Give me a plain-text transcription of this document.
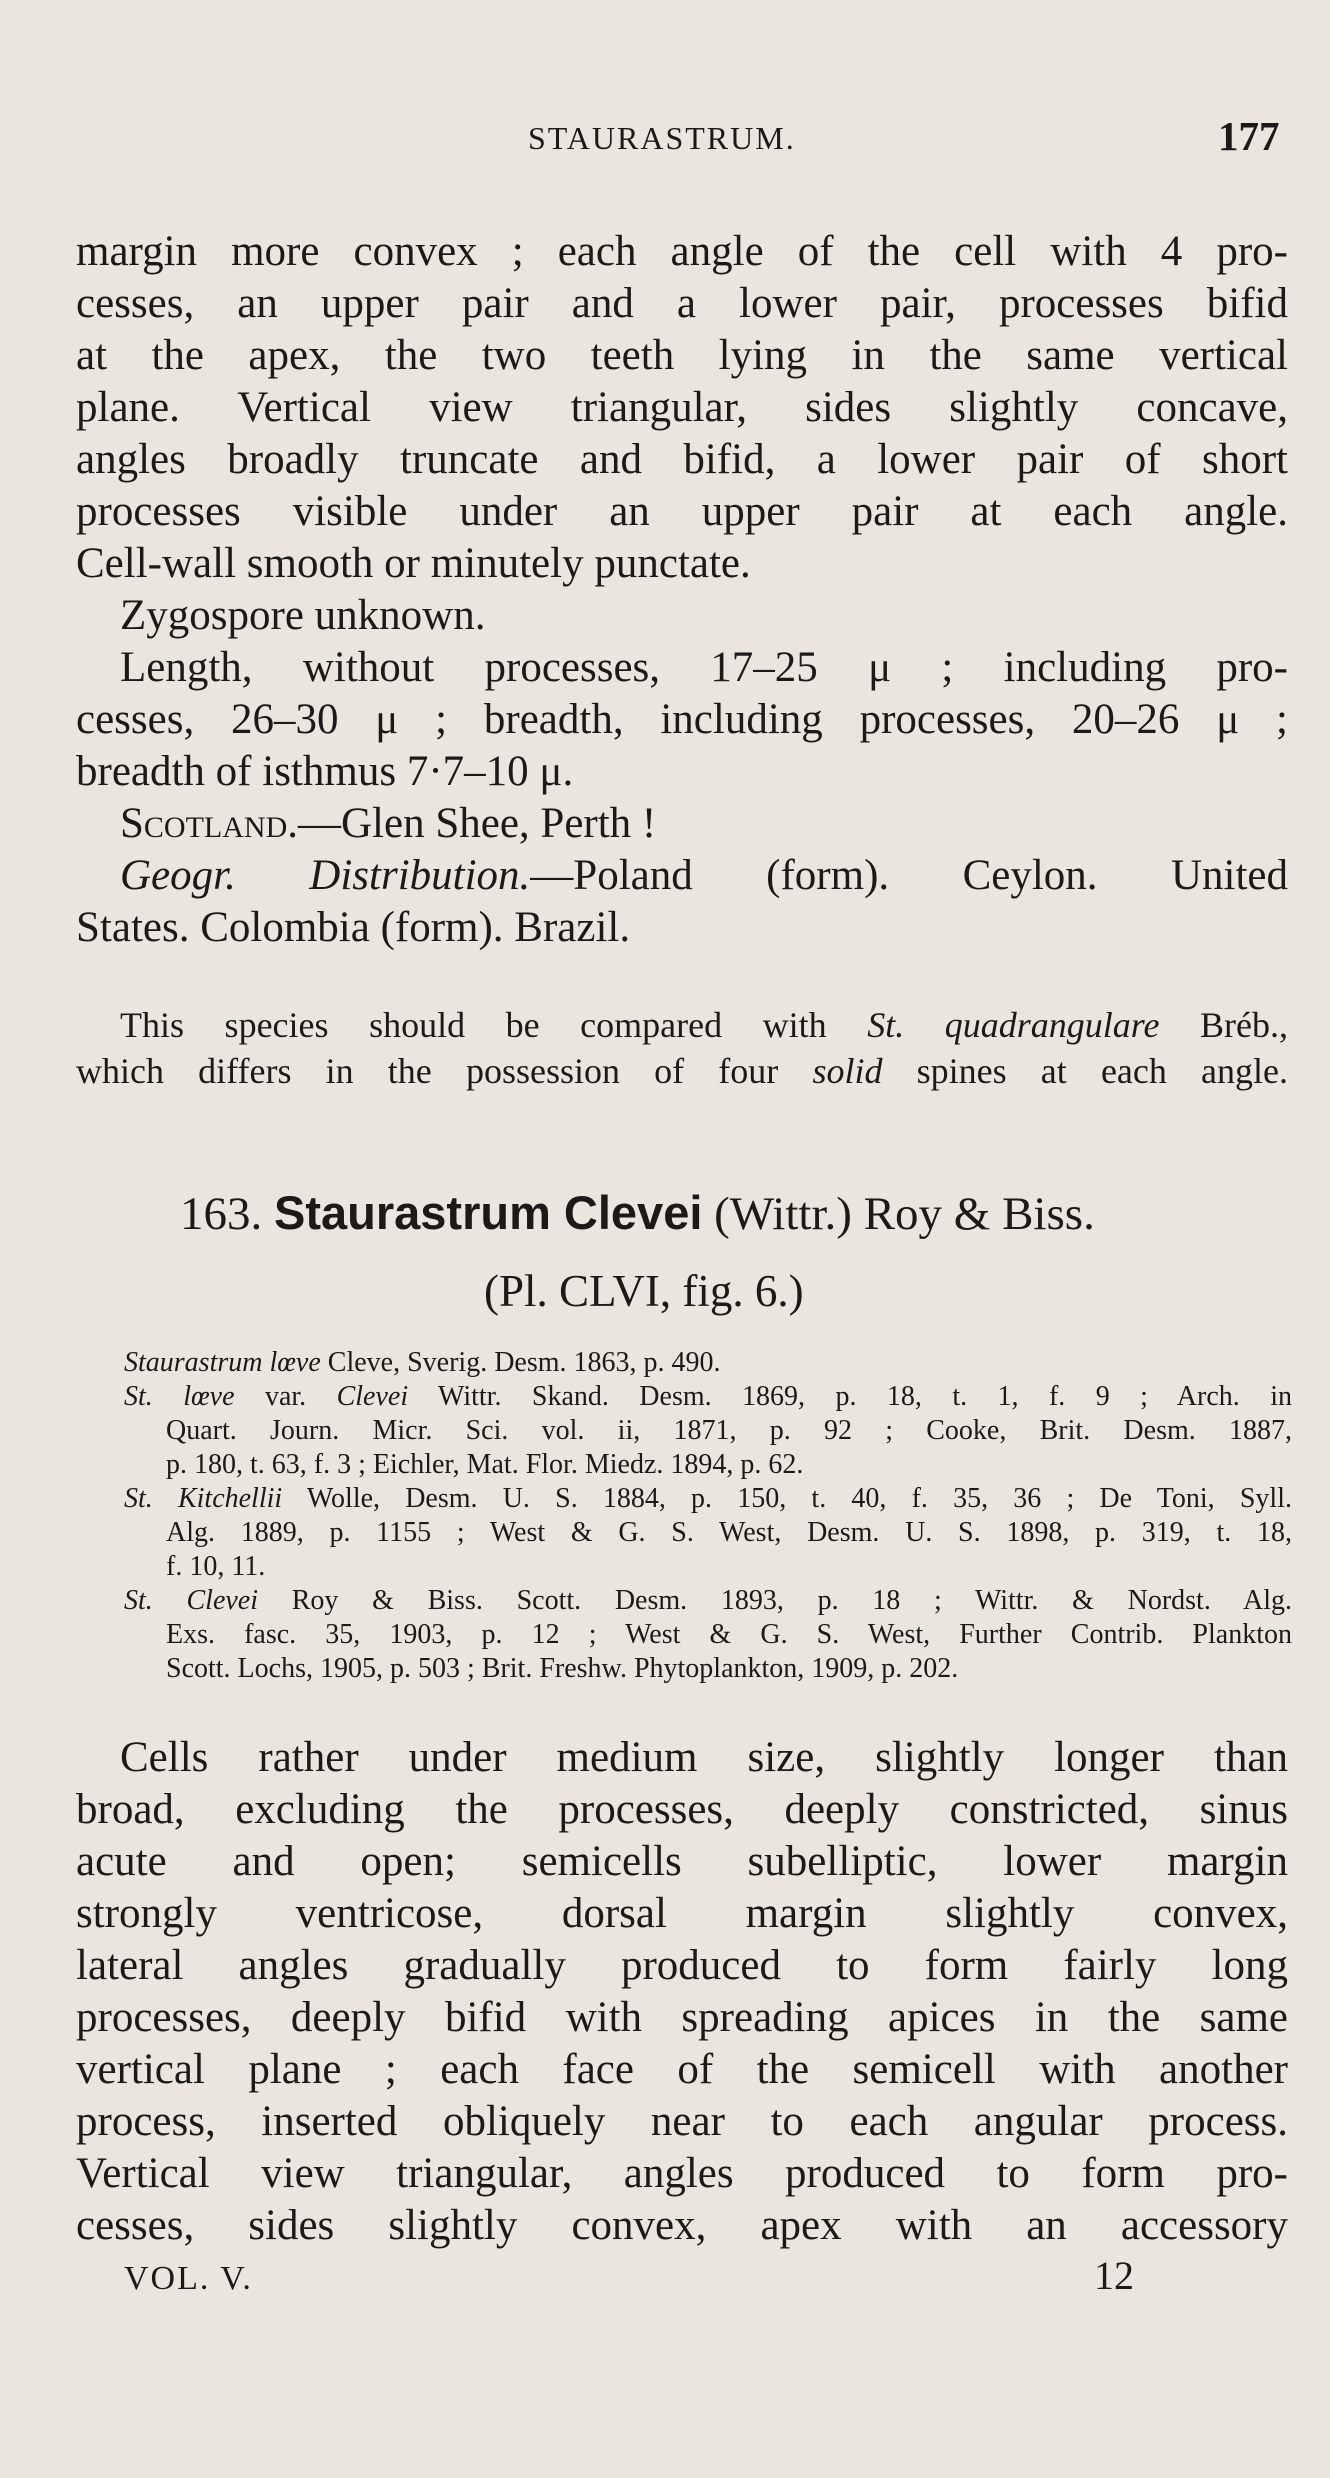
STAURASTRUM.	177
margin more convex ; each angle of the cell with 4 pro-
cesses, an upper pair and a lower pair, processes bifid
at the apex, the two teeth lying in the same vertical
plane. Vertical view triangular, sides slightly concave,
angles broadly truncate and bifid, a lower pair of short
processes visible under an upper pair at each angle.
Cell-wall smooth or minutely punctate.
Zygospore unknown.
Length, without processes, 17–25 μ ; including pro-
cesses, 26–30 μ ; breadth, including processes, 20–26 μ ;
breadth of isthmus 7·7–10 μ.
Scotland.—Glen Shee, Perth !
Geogr. Distribution.—Poland (form). Ceylon. United
States. Colombia (form). Brazil.
This species should be compared with St. quadrangulare Bréb.,
which differs in the possession of four solid spines at each angle.
163. Staurastrum Clevei (Wittr.) Roy & Biss.
(Pl. CLVI, fig. 6.)
Staurastrum lœve Cleve, Sverig. Desm. 1863, p. 490.
St. lœve var. Clevei Wittr. Skand. Desm. 1869, p. 18, t. 1, f. 9 ; Arch. in
Quart. Journ. Micr. Sci. vol. ii, 1871, p. 92 ; Cooke, Brit. Desm. 1887,
p. 180, t. 63, f. 3 ; Eichler, Mat. Flor. Miedz. 1894, p. 62.
St. Kitchellii Wolle, Desm. U. S. 1884, p. 150, t. 40, f. 35, 36 ; De Toni, Syll.
Alg. 1889, p. 1155 ; West & G. S. West, Desm. U. S. 1898, p. 319, t. 18,
f. 10, 11.
St. Clevei Roy & Biss. Scott. Desm. 1893, p. 18 ; Wittr. & Nordst. Alg.
Exs. fasc. 35, 1903, p. 12 ; West & G. S. West, Further Contrib. Plankton
Scott. Lochs, 1905, p. 503 ; Brit. Freshw. Phytoplankton, 1909, p. 202.
Cells rather under medium size, slightly longer than
broad, excluding the processes, deeply constricted, sinus
acute and open; semicells subelliptic, lower margin
strongly ventricose, dorsal margin slightly convex,
lateral angles gradually produced to form fairly long
processes, deeply bifid with spreading apices in the same
vertical plane ; each face of the semicell with another
process, inserted obliquely near to each angular process.
Vertical view triangular, angles produced to form pro-
cesses, sides slightly convex, apex with an accessory
VOL. V.	12
